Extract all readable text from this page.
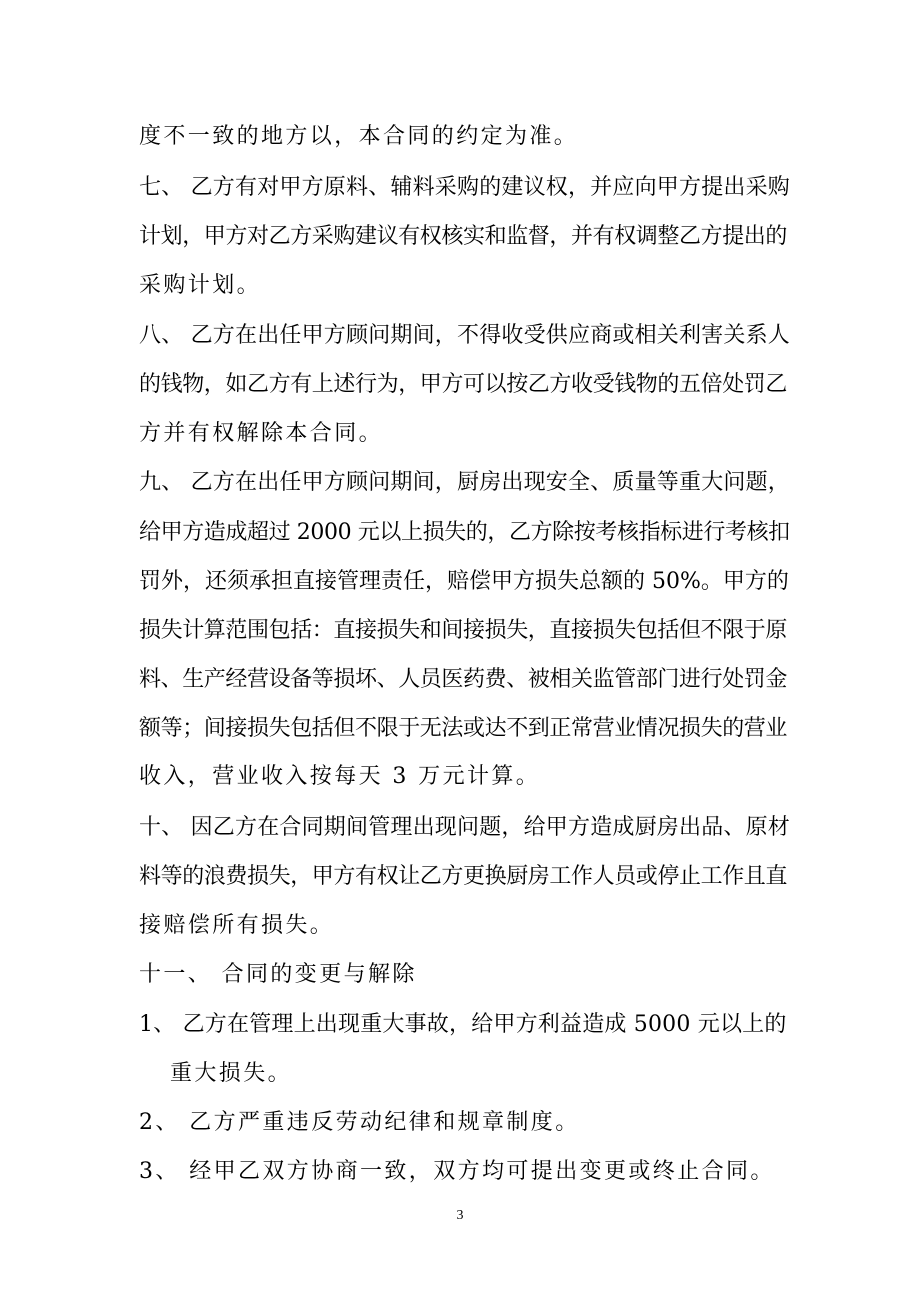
度不一致的地方以，本合同的约定为准。
七、 乙方有对甲方原料、辅料采购的建议权，并应向甲方提出采购
计划，甲方对乙方采购建议有权核实和监督，并有权调整乙方提出的
采购计划。
八、 乙方在出任甲方顾问期间，不得收受供应商或相关利害关系人
的钱物，如乙方有上述行为，甲方可以按乙方收受钱物的五倍处罚乙
方并有权解除本合同。
九、 乙方在出任甲方顾问期间，厨房出现安全、质量等重大问题，
给甲方造成超过 2000 元以上损失的，乙方除按考核指标进行考核扣
罚外，还须承担直接管理责任，赔偿甲方损失总额的 50%。甲方的
损失计算范围包括：直接损失和间接损失，直接损失包括但不限于原
料、生产经营设备等损坏、人员医药费、被相关监管部门进行处罚金
额等；间接损失包括但不限于无法或达不到正常营业情况损失的营业
收入，营业收入按每天 3 万元计算。
十、 因乙方在合同期间管理出现问题，给甲方造成厨房出品、原材
料等的浪费损失，甲方有权让乙方更换厨房工作人员或停止工作且直
接赔偿所有损失。
十一、 合同的变更与解除
1、 乙方在管理上出现重大事故，给甲方利益造成 5000 元以上的
重大损失。
2、 乙方严重违反劳动纪律和规章制度。
3、 经甲乙双方协商一致，双方均可提出变更或终止合同。
3
